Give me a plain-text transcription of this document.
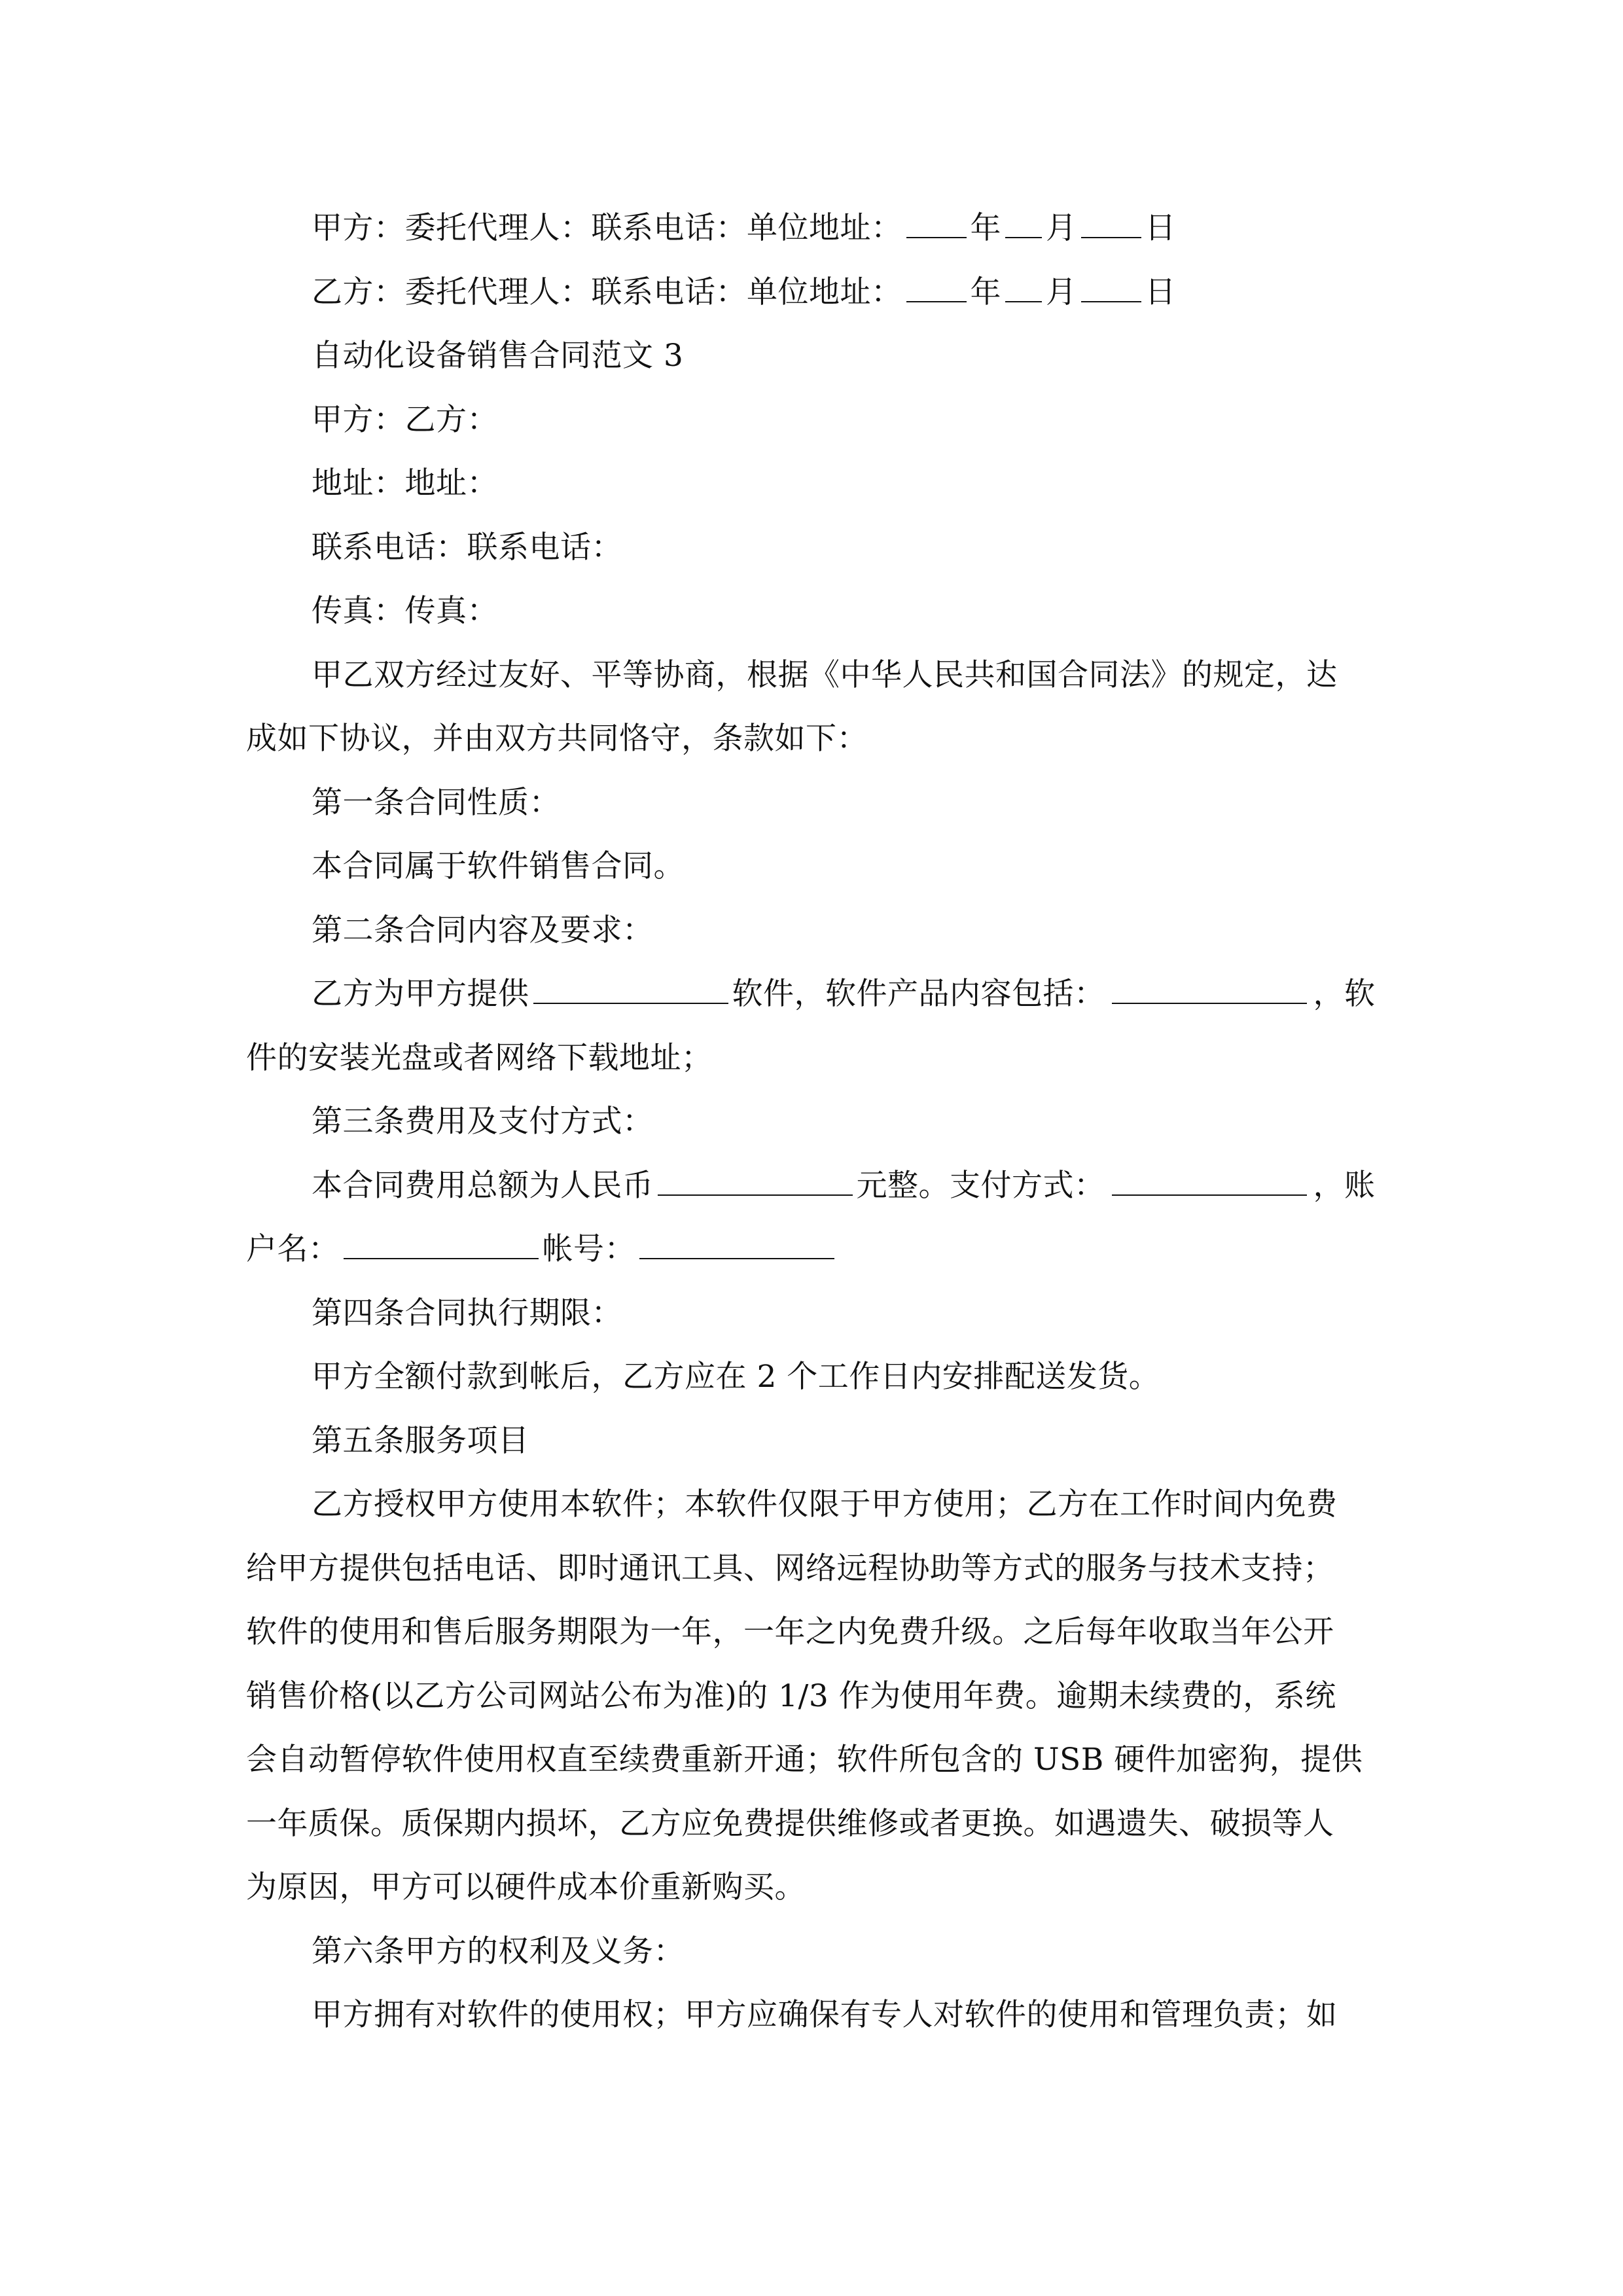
甲方：委托代理人：联系电话：单位地址： 年 月 日
乙方：委托代理人：联系电话：单位地址： 年 月 日
自动化设备销售合同范文 3
甲方：乙方：
地址：地址：
联系电话：联系电话：
传真：传真：
甲乙双方经过友好、平等协商，根据《中华人民共和国合同法》的规定，达
成如下协议，并由双方共同恪守，条款如下：
第一条合同性质：
本合同属于软件销售合同。
第二条合同内容及要求：
乙方为甲方提供	软件，软件产品内容包括：	，软
件的安装光盘或者网络下载地址；
第三条费用及支付方式：
本合同费用总额为人民币	元整。支付方式：	，账
户名：	帐号：
第四条合同执行期限：
甲方全额付款到帐后，乙方应在 2 个工作日内安排配送发货。
第五条服务项目
乙方授权甲方使用本软件；本软件仅限于甲方使用；乙方在工作时间内免费
给甲方提供包括电话、即时通讯工具、网络远程协助等方式的服务与技术支持；
软件的使用和售后服务期限为一年，一年之内免费升级。之后每年收取当年公开
销售价格(以乙方公司网站公布为准)的 1/3 作为使用年费。逾期未续费的，系统
会自动暂停软件使用权直至续费重新开通；软件所包含的 USB 硬件加密狗，提供
一年质保。质保期内损坏，乙方应免费提供维修或者更换。如遇遗失、破损等人
为原因，甲方可以硬件成本价重新购买。
第六条甲方的权利及义务：
甲方拥有对软件的使用权；甲方应确保有专人对软件的使用和管理负责；如
